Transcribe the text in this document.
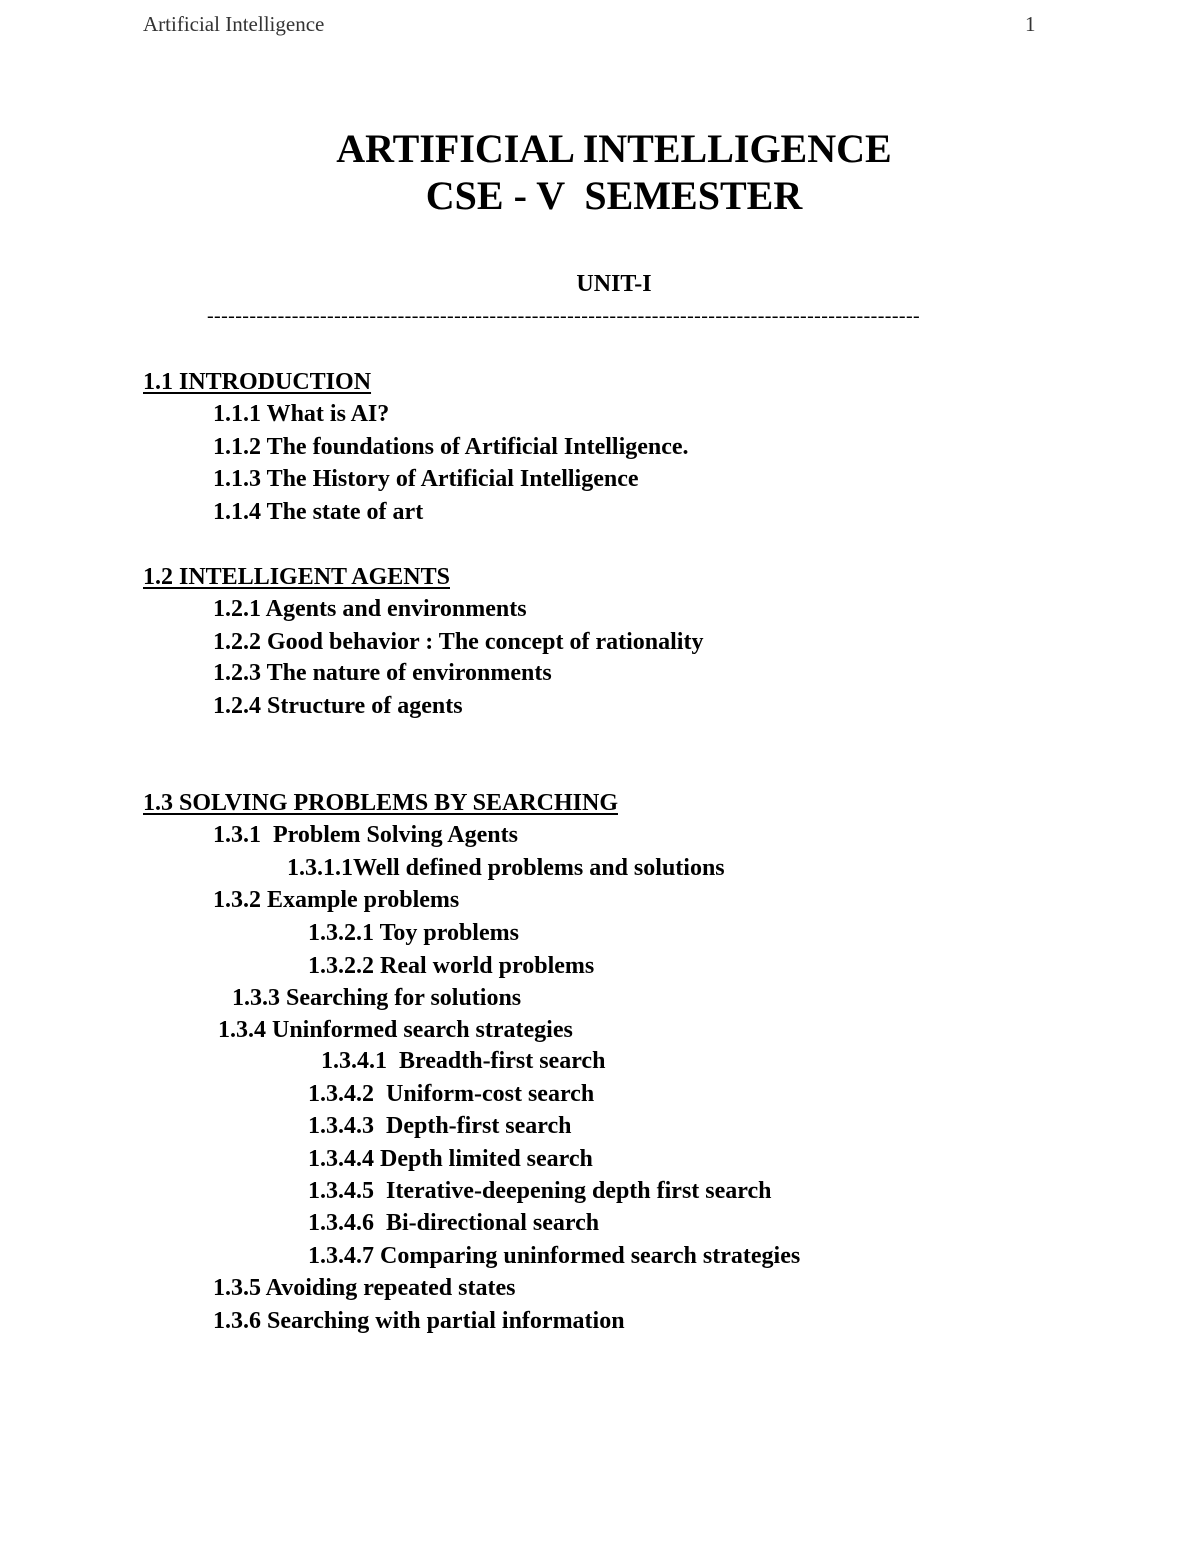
Artificial Intelligence	1
ARTIFICIAL INTELLIGENCE
CSE - V  SEMESTER
UNIT-I
-----------------------------------------------------------------------------------------------------
1.1 INTRODUCTION
1.1.1 What is AI?
1.1.2 The foundations of Artificial Intelligence.
1.1.3 The History of Artificial Intelligence
1.1.4 The state of art
1.2 INTELLIGENT AGENTS
1.2.1 Agents and environments
1.2.2 Good behavior : The concept of rationality
1.2.3 The nature of environments
1.2.4 Structure of agents
1.3 SOLVING PROBLEMS BY SEARCHING
1.3.1  Problem Solving Agents
1.3.1.1Well defined problems and solutions
1.3.2 Example problems
1.3.2.1 Toy problems
1.3.2.2 Real world problems
1.3.3 Searching for solutions
1.3.4 Uninformed search strategies
1.3.4.1  Breadth-first search
1.3.4.2  Uniform-cost search
1.3.4.3  Depth-first search
1.3.4.4 Depth limited search
1.3.4.5  Iterative-deepening depth first search
1.3.4.6  Bi-directional search
1.3.4.7 Comparing uninformed search strategies
1.3.5 Avoiding repeated states
1.3.6 Searching with partial information
